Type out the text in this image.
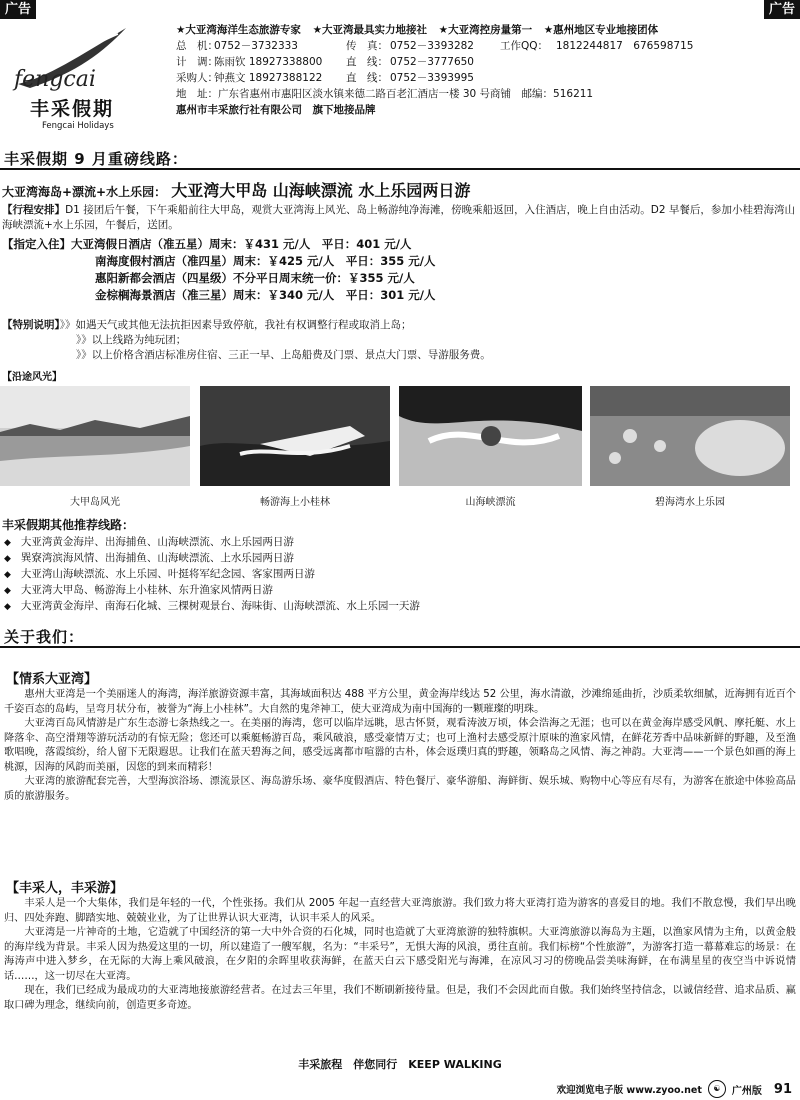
广告	广告
fengcai
丰采假期
Fengcai Holidays
★大亚湾海洋生态旅游专家 ★大亚湾最具实力地接社 ★大亚湾控房量第一 ★惠州地区专业地接团体
总　机：0752－3732333	传　真： 0752－3393282 工作QQ： 1812244817　676598715
计　调：陈雨钦 18927338800 直　线： 0752－3777650
采购人：钟燕文 18927388122 直　线： 0752－3393995
地　址：广东省惠州市惠阳区淡水镇来德二路百老汇酒店一楼 30 号商铺　邮编：516211
惠州市丰采旅行社有限公司　旗下地接品牌
丰采假期 9 月重磅线路：
大亚湾海岛+漂流+水上乐园： 大亚湾大甲岛 山海峡漂流 水上乐园两日游
【行程安排】D1 接团后午餐，下午乘船前往大甲岛，观赏大亚湾海上风光、岛上畅游纯净海滩，傍晚乘船返回，入住酒店，晚上自由活动。D2 早餐后，参加小桂碧海湾山海峡漂流+水上乐园，午餐后，送团。
【指定入住】大亚湾假日酒店（准五星）周末：￥431 元/人　平日：401 元/人
南海度假村酒店（准四星）周末：￥425 元/人　平日：355 元/人
惠阳新都会酒店（四星级）不分平日周末统一价：￥355 元/人
金棕榈海景酒店（准三星）周末：￥340 元/人　平日：301 元/人
【特别说明】》》如遇天气或其他无法抗拒因素导致停航，我社有权调整行程或取消上岛；
》》以上线路为纯玩团；
》》以上价格含酒店标准房住宿、三正一早、上岛船费及门票、景点大门票、导游服务费。
【沿途风光】
大甲岛风光	畅游海上小桂林	山海峡漂流	碧海湾水上乐园
丰采假期其他推荐线路：
◆ 大亚湾黄金海岸、出海捕鱼、山海峡漂流、水上乐园两日游
◆ 巽寮湾滨海风情、出海捕鱼、山海峡漂流、上水乐园两日游
◆ 大亚湾山海峡漂流、水上乐园、叶挺将军纪念园、客家围两日游
◆ 大亚湾大甲岛、畅游海上小桂林、东升渔家风情两日游
◆ 大亚湾黄金海岸、南海石化城、三棵树观景台、海味街、山海峡漂流、水上乐园一天游
关于我们：
【情系大亚湾】

惠州大亚湾是一个美丽迷人的海湾，海洋旅游资源丰富，其海域面积达 488 平方公里，黄金海岸线达 52 公里，海水清澈，沙滩绵延曲折，沙质柔软细腻，近海拥有近百个千姿百态的岛屿，呈弯月状分布，被誉为“海上小桂林”。大自然的鬼斧神工，使大亚湾成为南中国海的一颗璀璨的明珠。

大亚湾百岛风情游是广东生态游七条热线之一。在美丽的海湾，您可以临岸远眺，思古怀贤，观看涛波万顷，体会浩海之无涯；也可以在黄金海岸感受风帆、摩托艇、水上降落伞、高空滑翔等游玩活动的有惊无险；您还可以乘艇畅游百岛，乘风破浪，感受豪情万丈；也可上渔村去感受原汁原味的渔家风情，在鲜花芳香中品味新鲜的野趣，及至渔歌唱晚，落霞缤纷，给人留下无限遐思。让我们在蓝天碧海之间，感受远离都市喧嚣的古朴，体会返璞归真的野趣，领略岛之风情、海之神韵。大亚湾——一个景色如画的海上桃源，因海的风韵而美丽，因您的到来而精彩！

大亚湾的旅游配套完善，大型海滨浴场、漂流景区、海岛游乐场、豪华度假酒店、特色餐厅、豪华游船、海鲜街、娱乐城、购物中心等应有尽有，为游客在旅途中体验高品质的旅游服务。

【丰采人，丰采游】

丰采人是一个大集体，我们是年轻的一代，个性张扬。我们从 2005 年起一直经营大亚湾旅游。我们致力将大亚湾打造为游客的喜爱目的地。我们不散怠慢，我们早出晚归、四处奔跑、脚踏实地、兢兢业业，为了让世界认识大亚湾，认识丰采人的风采。

大亚湾是一片神奇的土地，它造就了中国经济的第一大中外合资的石化城，同时也造就了大亚湾旅游的独特旗帜。大亚湾旅游以海岛为主题，以渔家风情为主角，以黄金般的海岸线为背景。丰采人因为热爱这里的一切，所以建造了一艘军舰，名为：“丰采号”，无惧大海的风浪，勇往直前。我们标榜“个性旅游”，为游客打造一幕幕难忘的场景：在海涛声中进入梦乡，在无际的大海上乘风破浪，在夕阳的余晖里收获海鲜，在蓝天白云下感受阳光与海滩，在凉风习习的傍晚品尝美味海鲜，在布满星星的夜空当中诉说情话……，这一切尽在大亚湾。

现在，我们已经成为最成功的大亚湾地接旅游经营者。在过去三年里，我们不断刷新接待量。但是，我们不会因此而自傲。我们始终坚持信念，以诚信经营、追求品质、赢取口碑为理念，继续向前，创造更多奇迹。

丰采旅程　伴您同行　KEEP WALKING
欢迎浏览电子版 www.zyoo.net	☯	广州版 91
